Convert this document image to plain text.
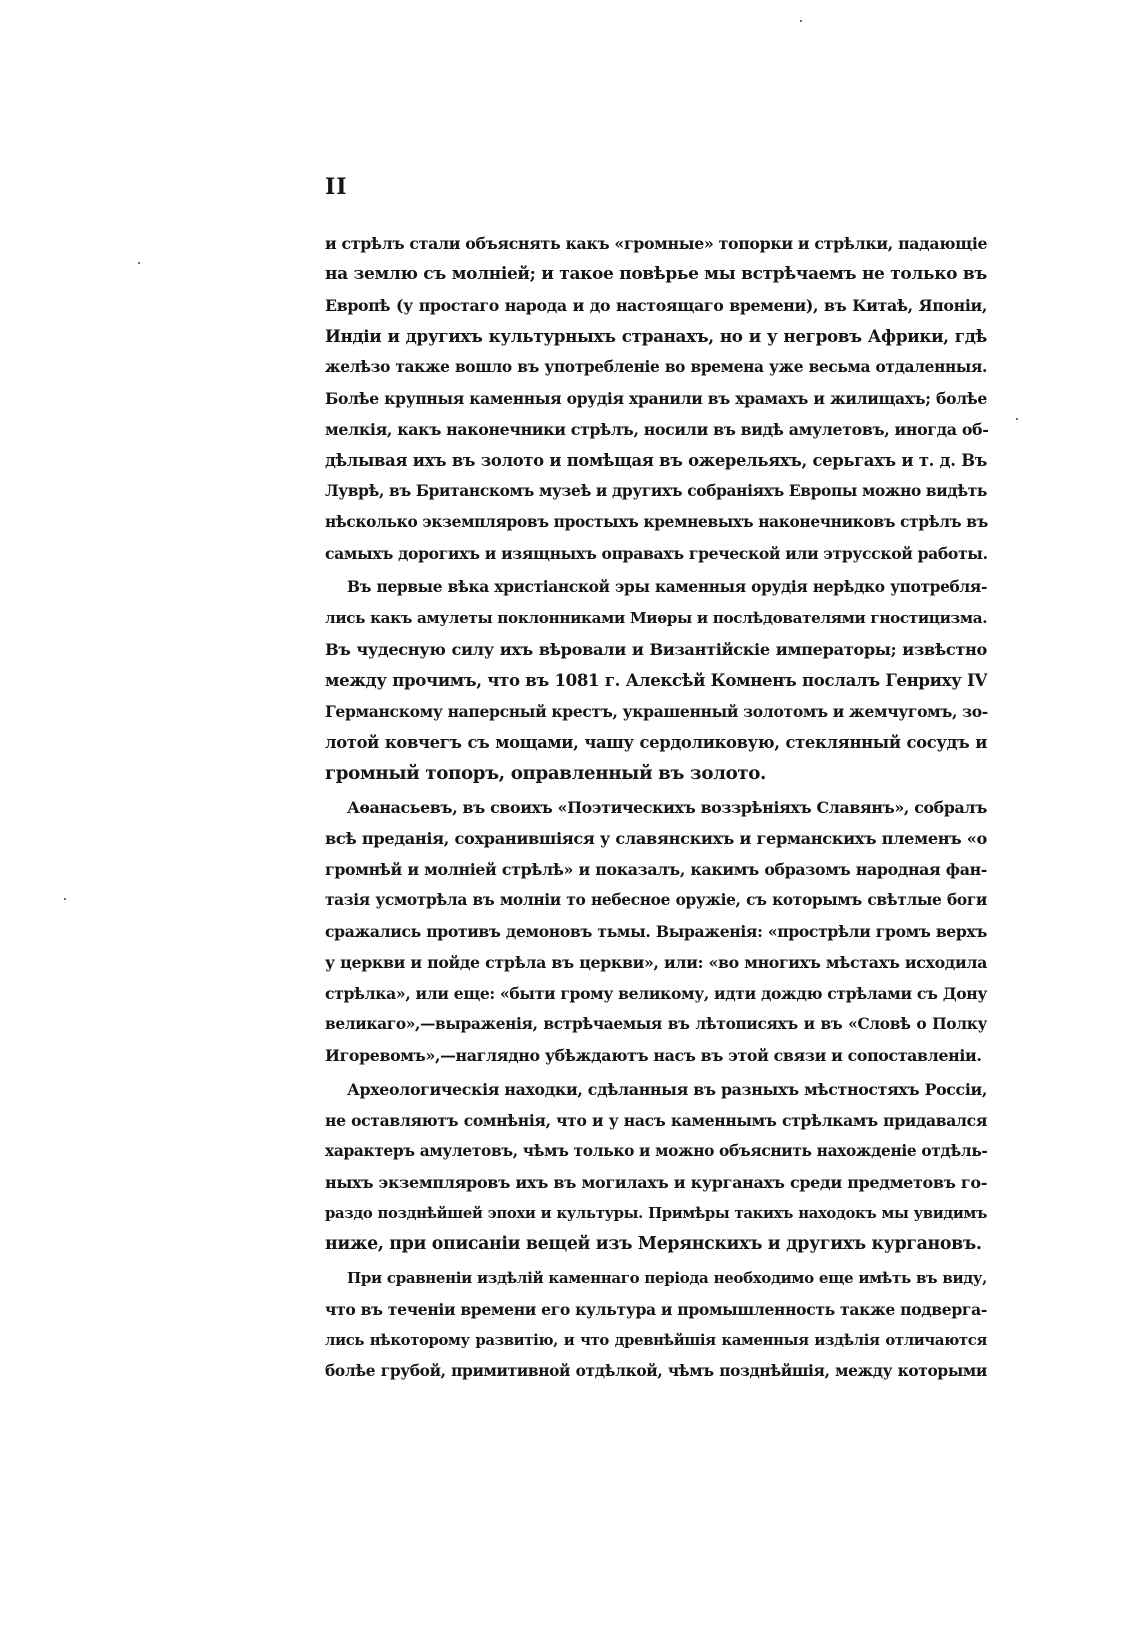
II
и стрѣлъ стали объяснять какъ «громные» топорки и стрѣлки, падающіе
на землю съ молніей; и такое повѣрье мы встрѣчаемъ не только въ
Европѣ (у простаго народа и до настоящаго времени), въ Китаѣ, Японіи,
Индіи и другихъ культурныхъ странахъ, но и у негровъ Африки, гдѣ
желѣзо также вошло въ употребленіе во времена уже весьма отдаленныя.
Болѣе крупныя каменныя орудія хранили въ храмахъ и жилищахъ; болѣе
мелкія, какъ наконечники стрѣлъ, носили въ видѣ амулетовъ, иногда об-
дѣлывая ихъ въ золото и помѣщая въ ожерельяхъ, серьгахъ и т. д. Въ
Луврѣ, въ Британскомъ музеѣ и другихъ собраніяхъ Европы можно видѣть
нѣсколько экземпляровъ простыхъ кремневыхъ наконечниковъ стрѣлъ въ
самыхъ дорогихъ и изящныхъ оправахъ греческой или этрусской работы.
Въ первые вѣка христіанской эры каменныя орудія нерѣдко употребля-
лись какъ амулеты поклонниками Миѳры и послѣдователями гностицизма.
Въ чудесную силу ихъ вѣровали и Византійскіе императоры; извѣстно
между прочимъ, что въ 1081 г. Алексѣй Комненъ послалъ Генриху IV
Германскому наперсный крестъ, украшенный золотомъ и жемчугомъ, зо-
лотой ковчегъ съ мощами, чашу сердоликовую, стеклянный сосудъ и
громный топоръ, оправленный въ золото.
Аѳанасьевъ, въ своихъ «Поэтическихъ воззрѣніяхъ Славянъ», собралъ
всѣ преданія, сохранившіяся у славянскихъ и германскихъ племенъ «о
громнѣй и молніей стрѣлѣ» и показалъ, какимъ образомъ народная фан-
тазія усмотрѣла въ молніи то небесное оружіе, съ которымъ свѣтлые боги
сражались противъ демоновъ тьмы. Выраженія: «прострѣли громъ верхъ
у церкви и пойде стрѣла въ церкви», или: «во многихъ мѣстахъ исходила
стрѣлка», или еще: «быти грому великому, идти дождю стрѣлами съ Дону
великаго»,—выраженія, встрѣчаемыя въ лѣтописяхъ и въ «Словѣ о Полку
Игоревомъ»,—наглядно убѣждаютъ насъ въ этой связи и сопоставленіи.
Археологическія находки, сдѣланныя въ разныхъ мѣстностяхъ Россіи,
не оставляютъ сомнѣнія, что и у насъ каменнымъ стрѣлкамъ придавался
характеръ амулетовъ, чѣмъ только и можно объяснить нахожденіе отдѣль-
ныхъ экземпляровъ ихъ въ могилахъ и курганахъ среди предметовъ го-
раздо позднѣйшей эпохи и культуры. Примѣры такихъ находокъ мы увидимъ
ниже, при описаніи вещей изъ Мерянскихъ и другихъ кургановъ.
При сравненіи издѣлій каменнаго періода необходимо еще имѣть въ виду,
что въ теченіи времени его культура и промышленность также подверга-
лись нѣкоторому развитію, и что древнѣйшія каменныя издѣлія отличаются
болѣе грубой, примитивной отдѣлкой, чѣмъ позднѣйшія, между которыми
